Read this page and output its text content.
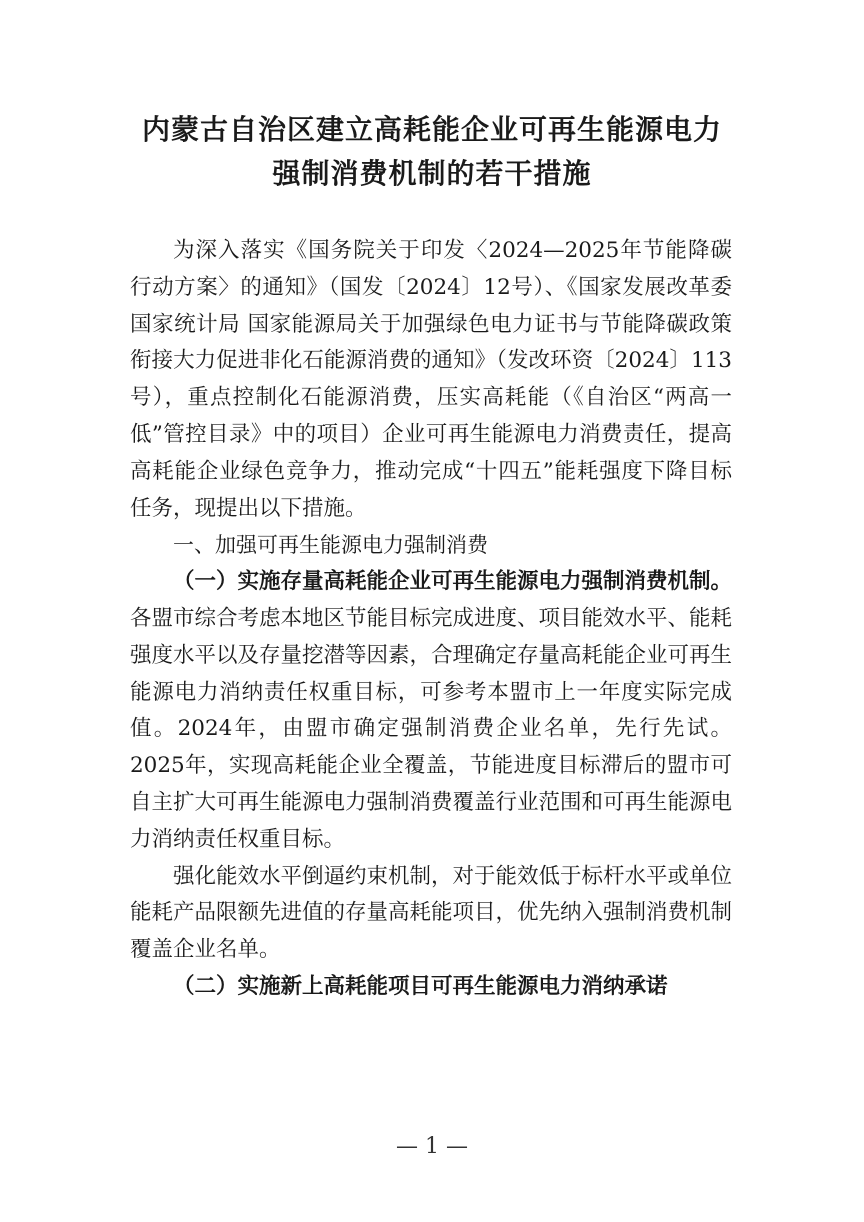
内蒙古自治区建立高耗能企业可再生能源电力
强制消费机制的若干措施

为深入落实《国务院关于印发〈2024—2025年节能降碳行动方案〉的通知》（国发〔2024〕12号）、《国家发展改革委 国家统计局 国家能源局关于加强绿色电力证书与节能降碳政策衔接大力促进非化石能源消费的通知》（发改环资〔2024〕113号），重点控制化石能源消费，压实高耗能（《自治区“两高一低”管控目录》中的项目）企业可再生能源电力消费责任，提高高耗能企业绿色竞争力，推动完成“十四五”能耗强度下降目标任务，现提出以下措施。

一、加强可再生能源电力强制消费

（一）实施存量高耗能企业可再生能源电力强制消费机制。各盟市综合考虑本地区节能目标完成进度、项目能效水平、能耗强度水平以及存量挖潜等因素，合理确定存量高耗能企业可再生能源电力消纳责任权重目标，可参考本盟市上一年度实际完成值。2024年，由盟市确定强制消费企业名单，先行先试。2025年，实现高耗能企业全覆盖，节能进度目标滞后的盟市可自主扩大可再生能源电力强制消费覆盖行业范围和可再生能源电力消纳责任权重目标。

强化能效水平倒逼约束机制，对于能效低于标杆水平或单位能耗产品限额先进值的存量高耗能项目，优先纳入强制消费机制覆盖企业名单。

（二）实施新上高耗能项目可再生能源电力消纳承诺

— 1 —
